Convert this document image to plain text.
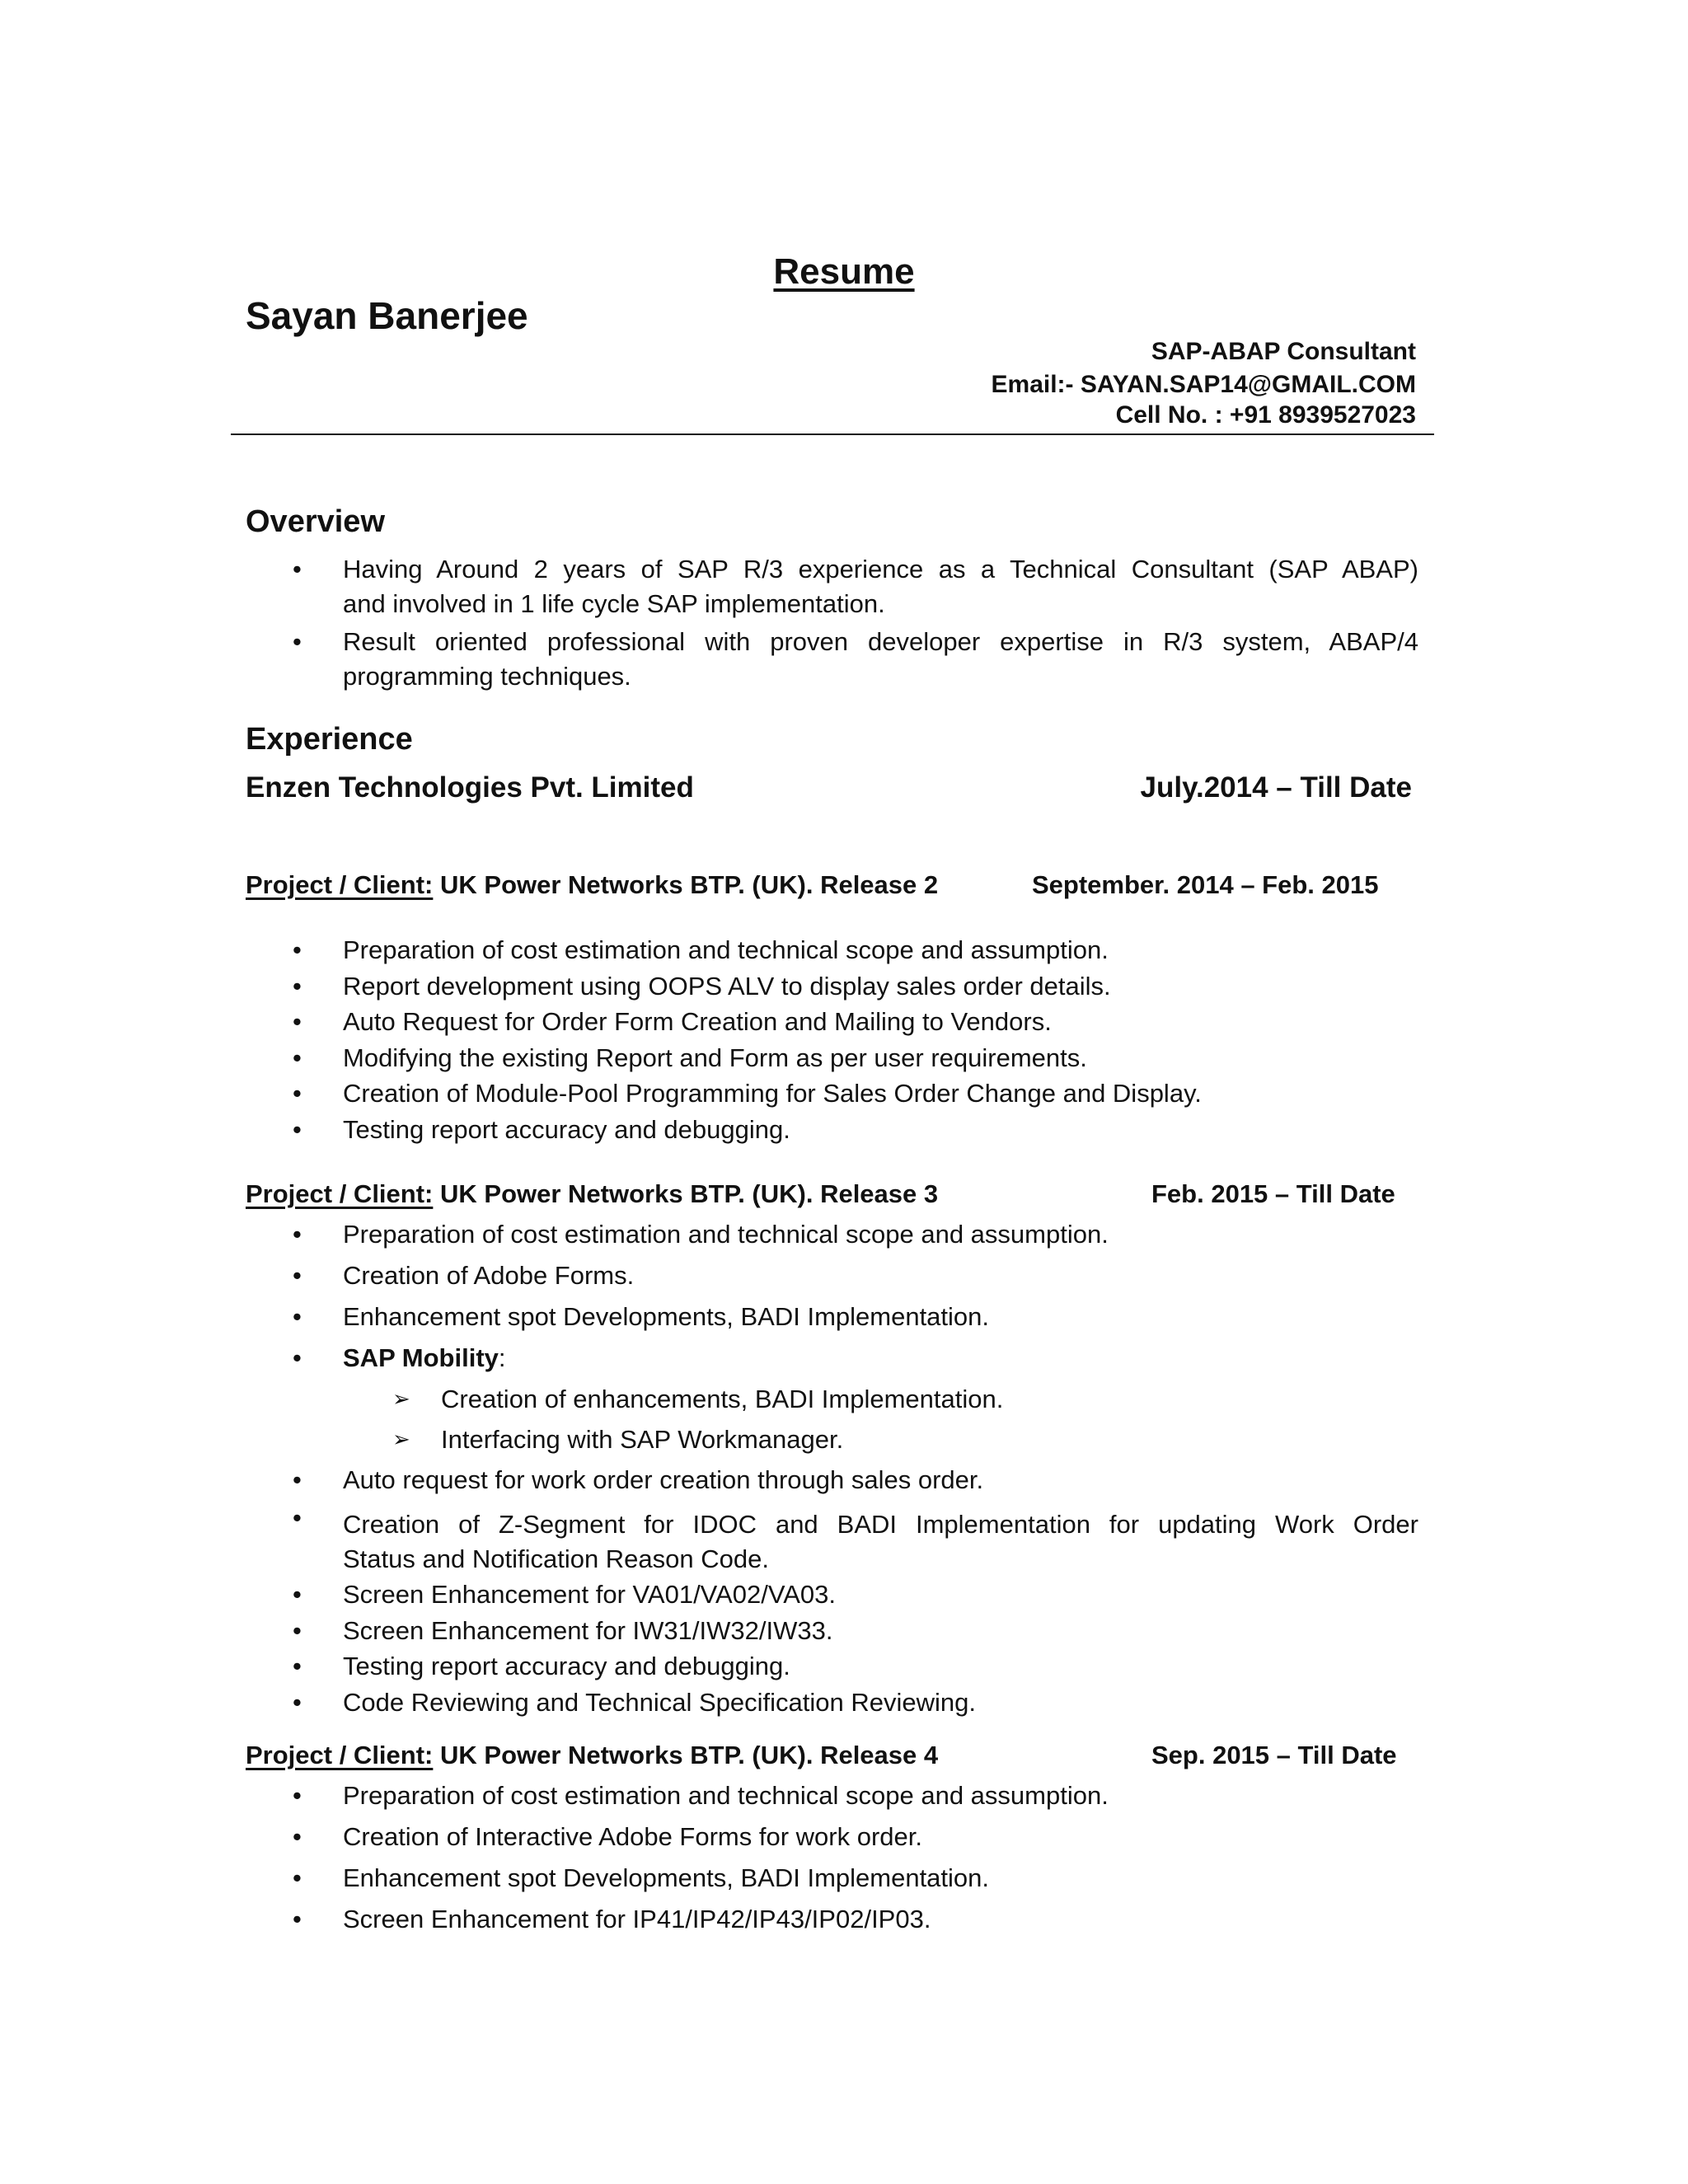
Resume
Sayan Banerjee
SAP-ABAP Consultant
Email:- SAYAN.SAP14@GMAIL.COM
Cell No. : +91 8939527023
Overview
• Having Around 2 years of SAP R/3 experience as a Technical Consultant (SAP ABAP)
and involved in 1 life cycle SAP implementation.
• Result oriented professional with proven developer expertise in R/3 system, ABAP/4
programming techniques.
Experience
Enzen Technologies Pvt. Limited	July.2014 – Till Date
Project / Client: UK Power Networks BTP. (UK). Release 2	September. 2014 – Feb. 2015
• Preparation of cost estimation and technical scope and assumption.
• Report development using OOPS ALV to display sales order details.
• Auto Request for Order Form Creation and Mailing to Vendors.
• Modifying the existing Report and Form as per user requirements.
• Creation of Module-Pool Programming for Sales Order Change and Display.
• Testing report accuracy and debugging.
Project / Client: UK Power Networks BTP. (UK). Release 3	Feb. 2015 – Till Date
• Preparation of cost estimation and technical scope and assumption.
• Creation of Adobe Forms.
• Enhancement spot Developments, BADI Implementation.
• SAP Mobility:
➢ Creation of enhancements, BADI Implementation.
➢ Interfacing with SAP Workmanager.
• Auto request for work order creation through sales order.
• Creation of Z-Segment for IDOC and BADI Implementation for updating Work Order
Status and Notification Reason Code.
• Screen Enhancement for VA01/VA02/VA03.
• Screen Enhancement for IW31/IW32/IW33.
• Testing report accuracy and debugging.
• Code Reviewing and Technical Specification Reviewing.
Project / Client: UK Power Networks BTP. (UK). Release 4	Sep. 2015 – Till Date
• Preparation of cost estimation and technical scope and assumption.
• Creation of Interactive Adobe Forms for work order.
• Enhancement spot Developments, BADI Implementation.
• Screen Enhancement for IP41/IP42/IP43/IP02/IP03.
